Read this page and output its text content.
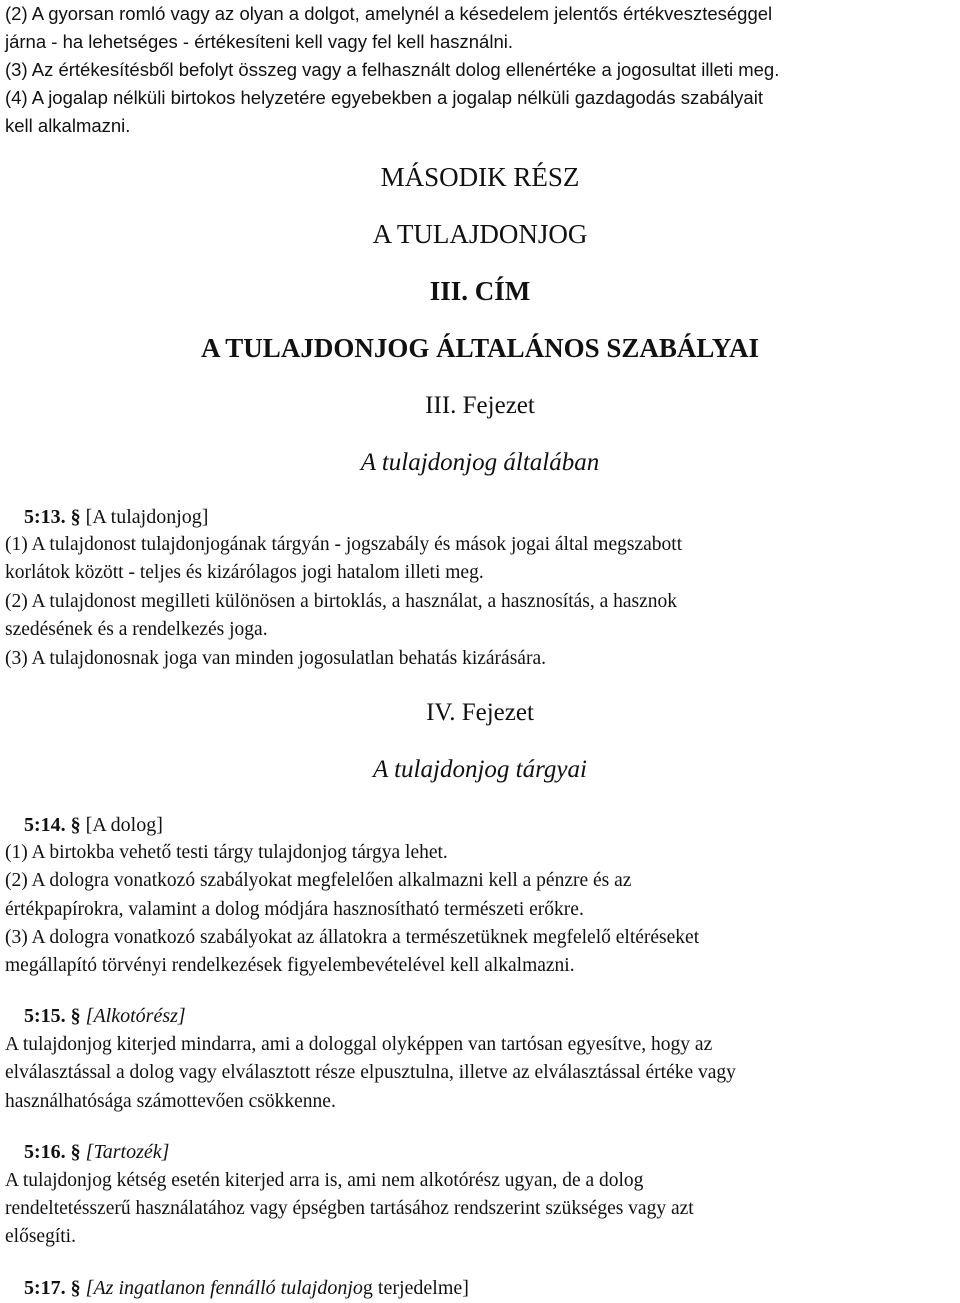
(2) A gyorsan romló vagy az olyan a dolgot, amelynél a késedelem jelentős értékveszteséggel

járna - ha lehetséges - értékesíteni kell vagy fel kell használni.

(3) Az értékesítésből befolyt összeg vagy a felhasznált dolog ellenértéke a jogosultat illeti meg.

(4) A jogalap nélküli birtokos helyzetére egyebekben a jogalap nélküli gazdagodás szabályait

kell alkalmazni.

MÁSODIK RÉSZ

A TULAJDONJOG

III. CÍM

A TULAJDONJOG ÁLTALÁNOS SZABÁLYAI

III. Fejezet

A tulajdonjog általában

5:13. § [A tulajdonjog]

(1) A tulajdonost tulajdonjogának tárgyán - jogszabály és mások jogai által megszabott

korlátok között - teljes és kizárólagos jogi hatalom illeti meg.

(2) A tulajdonost megilleti különösen a birtoklás, a használat, a hasznosítás, a hasznok

szedésének és a rendelkezés joga.

(3) A tulajdonosnak joga van minden jogosulatlan behatás kizárására.

IV. Fejezet

A tulajdonjog tárgyai

5:14. § [A dolog]

(1) A birtokba vehető testi tárgy tulajdonjog tárgya lehet.

(2) A dologra vonatkozó szabályokat megfelelően alkalmazni kell a pénzre és az

értékpapírokra, valamint a dolog módjára hasznosítható természeti erőkre.

(3) A dologra vonatkozó szabályokat az állatokra a természetüknek megfelelő eltéréseket

megállapító törvényi rendelkezések figyelembevételével kell alkalmazni.

5:15. § [Alkotórész]

A tulajdonjog kiterjed mindarra, ami a dologgal olyképpen van tartósan egyesítve, hogy az

elválasztással a dolog vagy elválasztott része elpusztulna, illetve az elválasztással értéke vagy

használhatósága számottevően csökkenne.

5:16. § [Tartozék]

A tulajdonjog kétség esetén kiterjed arra is, ami nem alkotórész ugyan, de a dolog

rendeltetésszerű használatához vagy épségben tartásához rendszerint szükséges vagy azt

elősegíti.

5:17. § [Az ingatlanon fennálló tulajdonjog terjedelme]
